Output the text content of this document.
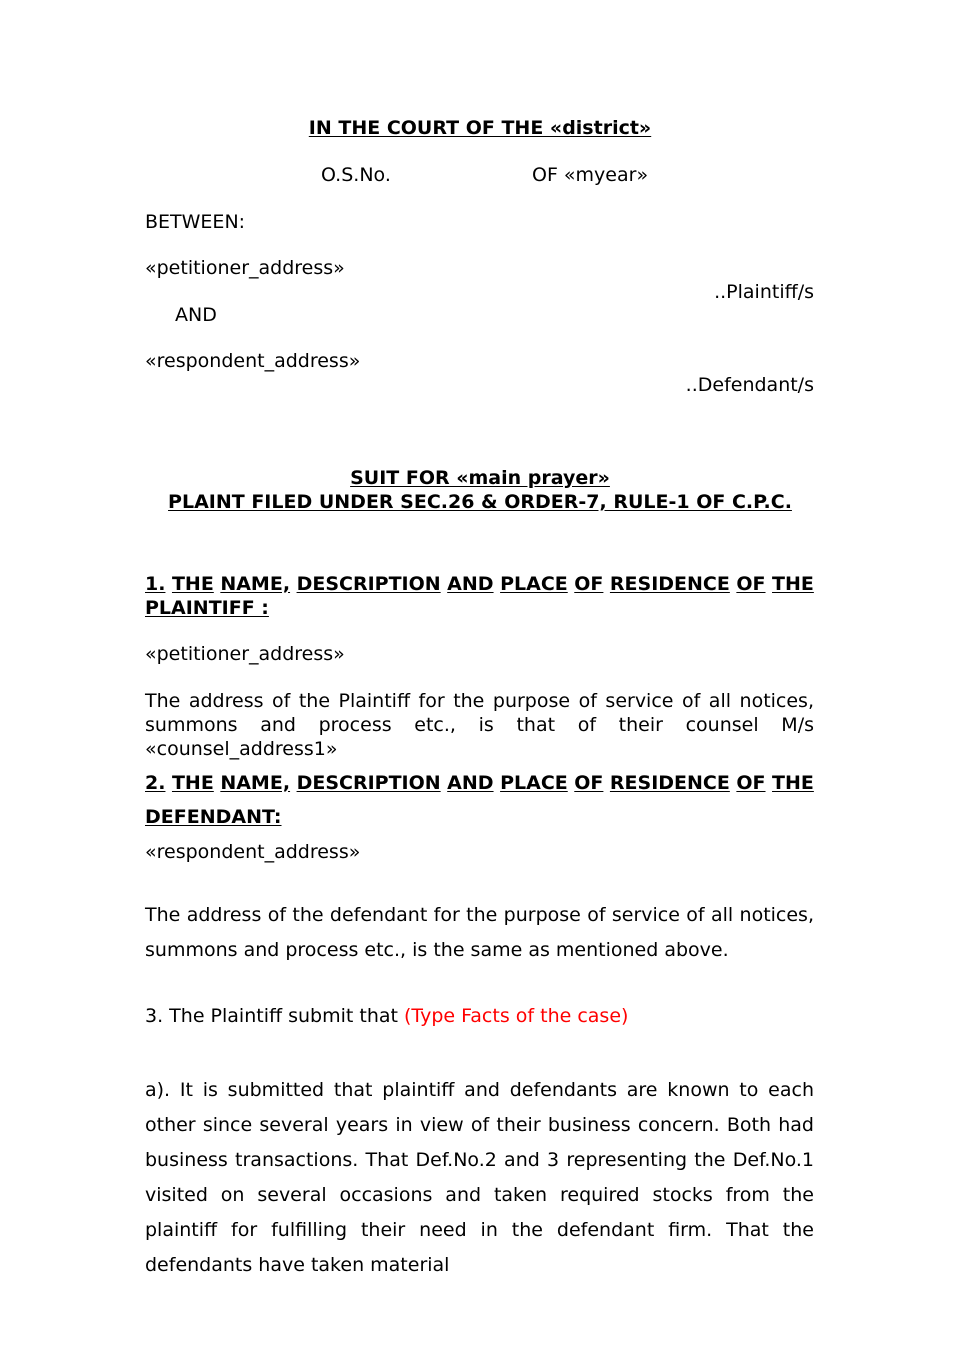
IN THE COURT OF THE «district»
O.S.No.	OF «myear»
BETWEEN:
«petitioner_address»
..Plaintiff/s
AND
«respondent_address»
..Defendant/s
SUIT FOR «main prayer»
PLAINT FILED UNDER SEC.26 & ORDER-7, RULE-1 OF C.P.C.
1. THE NAME, DESCRIPTION AND PLACE OF RESIDENCE OF THE
PLAINTIFF :
«petitioner_address»
The address of the Plaintiff for the purpose of service of all notices, summons and process etc., is that of their counsel M/s «counsel_address1»
2. THE NAME, DESCRIPTION AND PLACE OF RESIDENCE OF THE
DEFENDANT:
«respondent_address»
The address of the defendant for the purpose of service of all notices, summons and process etc., is the same as mentioned above.
3. The Plaintiff submit that (Type Facts of the case)
a). It is submitted that plaintiff and defendants are known to each other since several years in view of their business concern. Both had business transactions. That Def.No.2 and 3 representing the Def.No.1 visited on several occasions and taken required stocks from the plaintiff for fulfilling their need in the defendant firm. That the defendants have taken material
